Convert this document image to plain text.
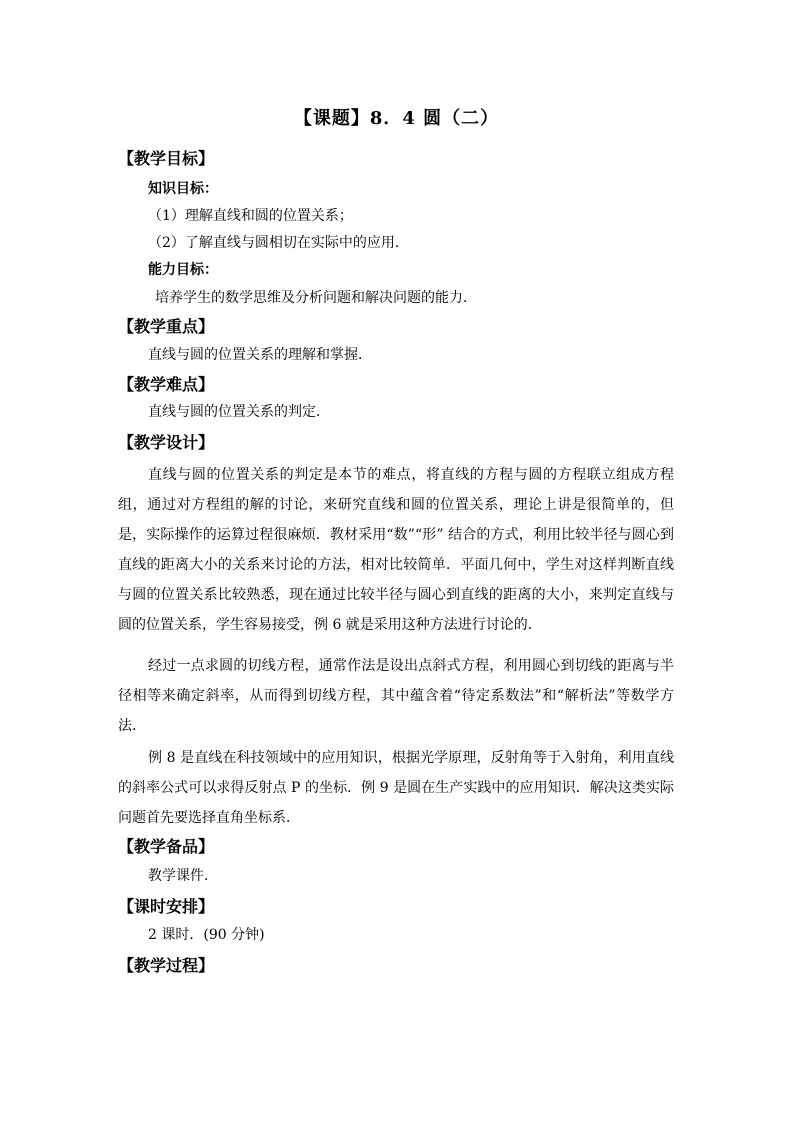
【课题】8．4 圆（二）
【教学目标】
知识目标：
（1）理解直线和圆的位置关系；
（2）了解直线与圆相切在实际中的应用．
能力目标：
培养学生的数学思维及分析问题和解决问题的能力．
【教学重点】
直线与圆的位置关系的理解和掌握．
【教学难点】
直线与圆的位置关系的判定．
【教学设计】
直线与圆的位置关系的判定是本节的难点，将直线的方程与圆的方程联立组成方程组，通过对方程组的解的讨论，来研究直线和圆的位置关系，理论上讲是很简单的，但是，实际操作的运算过程很麻烦．教材采用“数”“形” 结合的方式，利用比较半径与圆心到直线的距离大小的关系来讨论的方法，相对比较简单．平面几何中，学生对这样判断直线与圆的位置关系比较熟悉，现在通过比较半径与圆心到直线的距离的大小，来判定直线与圆的位置关系，学生容易接受，例 6 就是采用这种方法进行讨论的．
经过一点求圆的切线方程，通常作法是设出点斜式方程，利用圆心到切线的距离与半径相等来确定斜率，从而得到切线方程，其中蕴含着“待定系数法”和“解析法”等数学方法．
例 8 是直线在科技领域中的应用知识，根据光学原理，反射角等于入射角，利用直线的斜率公式可以求得反射点 P 的坐标．例 9 是圆在生产实践中的应用知识．解决这类实际问题首先要选择直角坐标系．
【教学备品】
教学课件．
【课时安排】
2 课时．(90 分钟)
【教学过程】
